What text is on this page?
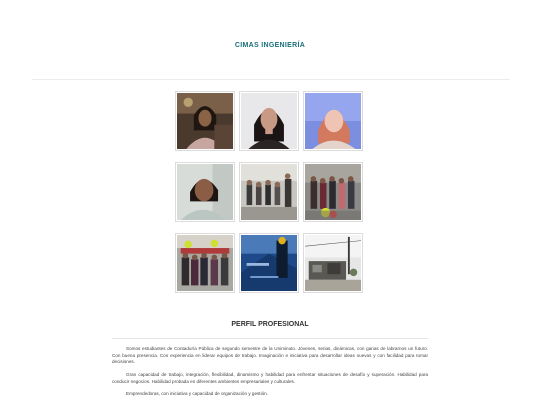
CIMAS INGENIERÍA
PERFIL PROFESIONAL

Somos estudiantes de Contaduría Pública de segundo semestre de la Uniminuto. Jóvenes, serias, dinámicas, con ganas de labrarnos un futuro. Con buena presencia. Con experiencia en liderar equipos de trabajo. Imaginación e iniciativa para desarrollar ideas nuevas y con facilidad para tomar decisiones.

Gran capacidad de trabajo, integración, flexibilidad, dinamismo y habilidad para enfrentar situaciones de desafío y superación. Habilidad para conducir negocios. Habilidad probada en diferentes ambientes empresariales y culturales.

Emprendedoras, con iniciativa y capacidad de organización y gestión.
